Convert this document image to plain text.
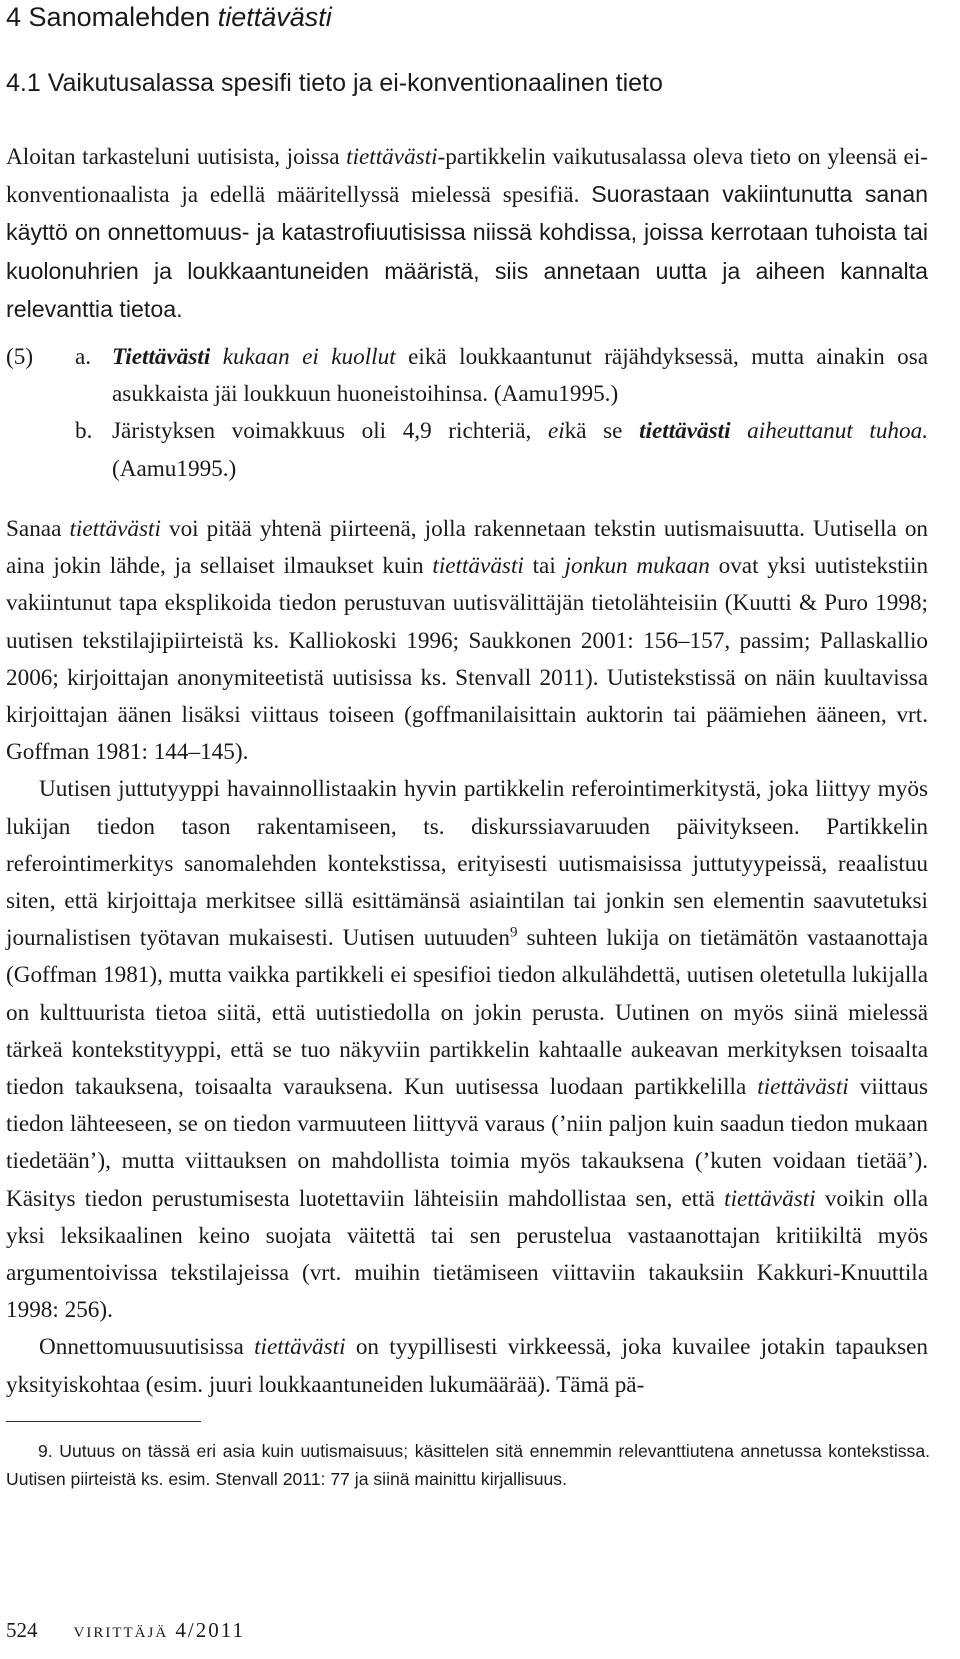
4 Sanomalehden tiettävästi
4.1 Vaikutusalassa spesifi tieto ja ei-konventionaalinen tieto

Aloitan tarkasteluni uutisista, joissa tiettävästi-partikkelin vaikutusalassa oleva tieto on yleensä ei-konventionaalista ja edellä määritellyssä mielessä spesifiä. Suorastaan vakiintunutta sanan käyttö on onnettomuus- ja katastrofiuutisissa niissä kohdissa, joissa kerrotaan tuhoista tai kuolonuhrien ja loukkaantuneiden määristä, siis annetaan uutta ja aiheen kannalta relevanttia tietoa.

(5)	a. Tiettävästi kukaan ei kuollut eikä loukkaantunut räjähdyksessä, mutta ainakin osa asukkaista jäi loukkuun huoneistoihinsa. (Aamu1995.)
b. Järistyksen voimakkuus oli 4,9 richteriä, eikä se tiettävästi aiheuttanut tuhoa. (Aamu1995.)

Sanaa tiettävästi voi pitää yhtenä piirteenä, jolla rakennetaan tekstin uutismaisuutta. Uutisella on aina jokin lähde, ja sellaiset ilmaukset kuin tiettävästi tai jonkun mukaan ovat yksi uutistekstiin vakiintunut tapa eksplikoida tiedon perustuvan uutisvälittäjän tietolähteisiin (Kuutti & Puro 1998; uutisen tekstilajipiirteistä ks. Kalliokoski 1996; Saukkonen 2001: 156–157, passim; Pallaskallio 2006; kirjoittajan anonymiteetistä uutisissa ks. Stenvall 2011). Uutistekstissä on näin kuultavissa kirjoittajan äänen lisäksi viittaus toiseen (goffmanilaisittain auktorin tai päämiehen ääneen, vrt. Goffman 1981: 144–145).

Uutisen juttutyyppi havainnollistaakin hyvin partikkelin referointimerkitystä, joka liittyy myös lukijan tiedon tason rakentamiseen, ts. diskurssiavaruuden päivitykseen. Partikkelin referointimerkitys sanomalehden kontekstissa, erityisesti uutismaisissa juttutyypeissä, reaalistuu siten, että kirjoittaja merkitsee sillä esittämänsä asiaintilan tai jonkin sen elementin saavutetuksi journalistisen työtavan mukaisesti. Uutisen uutuuden$^9$ suhteen lukija on tietämätön vastaanottaja (Goffman 1981), mutta vaikka partikkeli ei spesifioi tiedon alkulähdettä, uutisen oletetulla lukijalla on kulttuurista tietoa siitä, että uutistiedolla on jokin perusta. Uutinen on myös siinä mielessä tärkeä kontekstityyppi, että se tuo näkyviin partikkelin kahtaalle aukeavan merkityksen toisaalta tiedon takauksena, toisaalta varauksena. Kun uutisessa luodaan partikkelilla tiettävästi viittaus tiedon lähteeseen, se on tiedon varmuuteen liittyvä varaus (’niin paljon kuin saadun tiedon mukaan tiedetään’), mutta viittauksen on mahdollista toimia myös takauksena (’kuten voidaan tietää’). Käsitys tiedon perustumisesta luotettaviin lähteisiin mahdollistaa sen, että tiettävästi voikin olla yksi leksikaalinen keino suojata väitettä tai sen perustelua vastaanottajan kritiikiltä myös argumentoivissa tekstilajeissa (vrt. muihin tietämiseen viittaviin takauksiin Kakkuri-Knuuttila 1998: 256).

Onnettomuusuutisissa tiettävästi on tyypillisesti virkkeessä, joka kuvailee jotakin tapauksen yksityiskohtaa (esim. juuri loukkaantuneiden lukumäärää). Tämä pä-

9. Uutuus on tässä eri asia kuin uutismaisuus; käsittelen sitä ennemmin relevanttiutena annetussa kontekstissa. Uutisen piirteistä ks. esim. Stenvall 2011: 77 ja siinä mainittu kirjallisuus.
524 virittäjä 4/2011
